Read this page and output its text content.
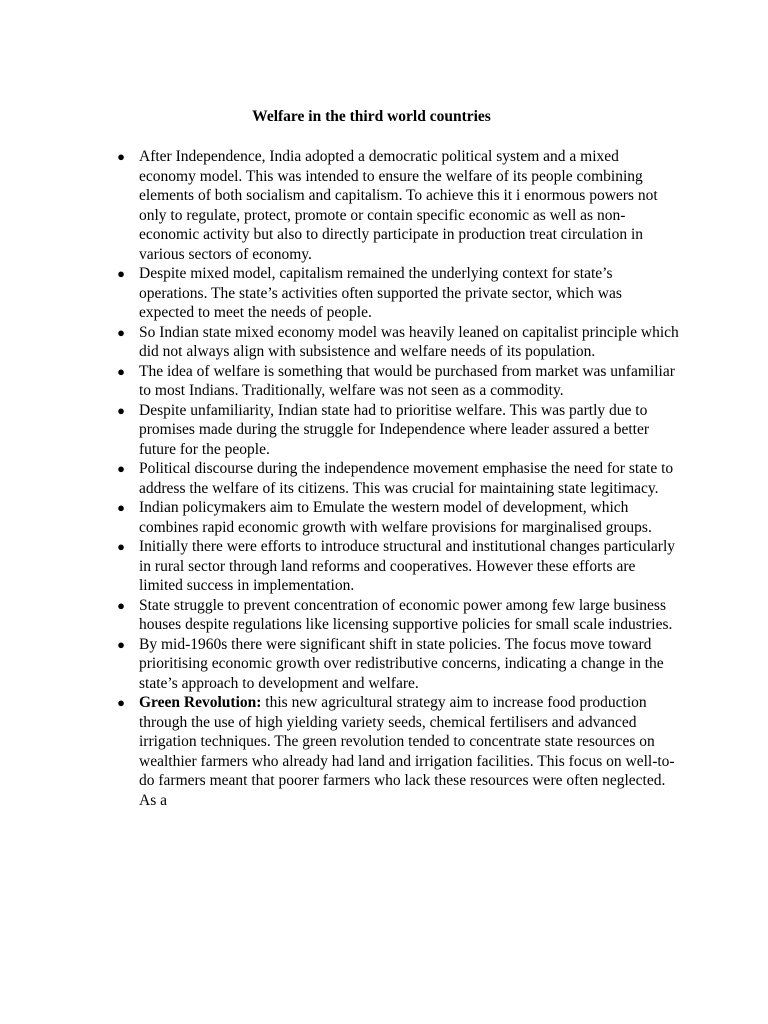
Welfare in the third world countries
● After Independence, India adopted a democratic political system and a mixed economy model. This was intended to ensure the welfare of its people combining elements of both socialism and capitalism. To achieve this it i enormous powers not only to regulate, protect, promote or contain specific economic as well as non-economic activity but also to directly participate in production treat circulation in various sectors of economy.
● Despite mixed model, capitalism remained the underlying context for state’s operations. The state’s activities often supported the private sector, which was expected to meet the needs of people.
● So Indian state mixed economy model was heavily leaned on capitalist principle which did not always align with subsistence and welfare needs of its population.
● The idea of welfare is something that would be purchased from market was unfamiliar to most Indians. Traditionally, welfare was not seen as a commodity.
● Despite unfamiliarity, Indian state had to prioritise welfare. This was partly due to promises made during the struggle for Independence where leader assured a better future for the people.
● Political discourse during the independence movement emphasise the need for state to address the welfare of its citizens. This was crucial for maintaining state legitimacy.
● Indian policymakers aim to Emulate the western model of development, which combines rapid economic growth with welfare provisions for marginalised groups.
● Initially there were efforts to introduce structural and institutional changes particularly in rural sector through land reforms and cooperatives. However these efforts are limited success in implementation.
● State struggle to prevent concentration of economic power among few large business houses despite regulations like licensing supportive policies for small scale industries.
● By mid-1960s there were significant shift in state policies. The focus move toward prioritising economic growth over redistributive concerns, indicating a change in the state’s approach to development and welfare.
● Green Revolution: this new agricultural strategy aim to increase food production through the use of high yielding variety seeds, chemical fertilisers and advanced irrigation techniques. The green revolution tended to concentrate state resources on wealthier farmers who already had land and irrigation facilities. This focus on well-to-do farmers meant that poorer farmers who lack these resources were often neglected. As a
